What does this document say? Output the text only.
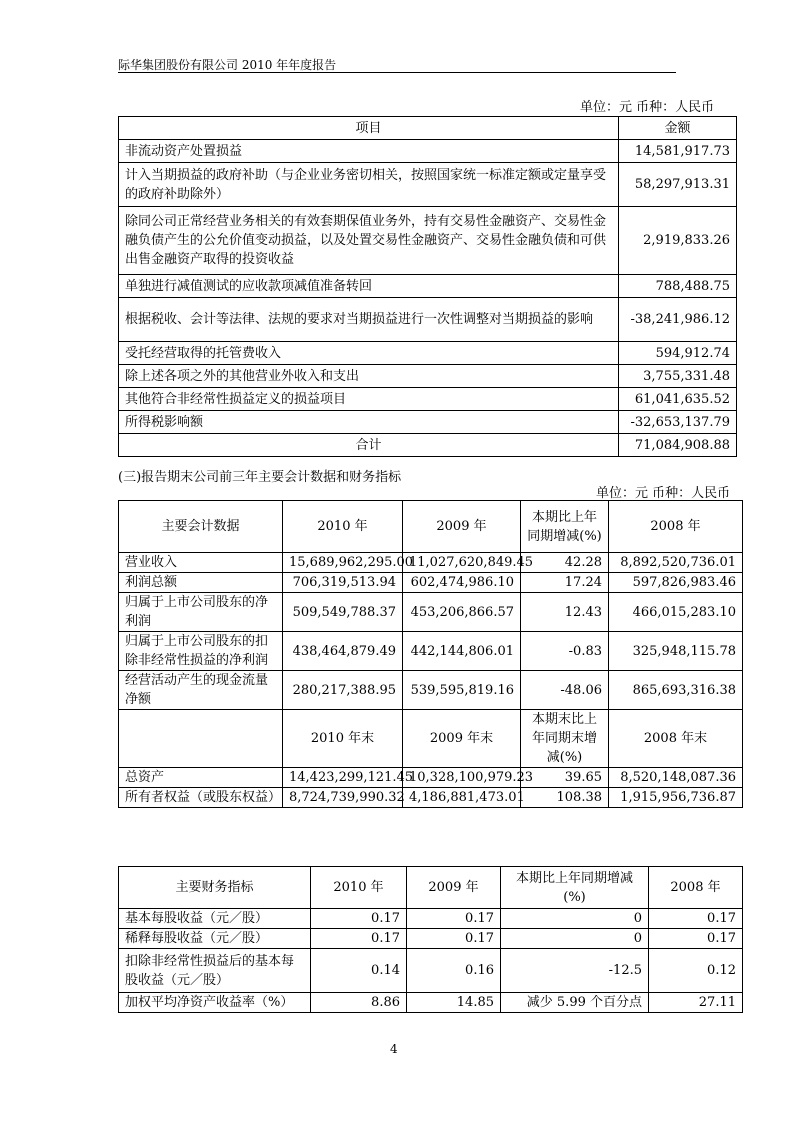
际华集团股份有限公司 2010 年年度报告
单位：元 币种：人民币
项目	金额
非流动资产处置损益	14,581,917.73
计入当期损益的政府补助（与企业业务密切相关，按照国家统一标准定额或定量享受的政府补助除外）	58,297,913.31
除同公司正常经营业务相关的有效套期保值业务外，持有交易性金融资产、交易性金融负债产生的公允价值变动损益，以及处置交易性金融资产、交易性金融负债和可供出售金融资产取得的投资收益	2,919,833.26
单独进行减值测试的应收款项减值准备转回	788,488.75
根据税收、会计等法律、法规的要求对当期损益进行一次性调整对当期损益的影响	-38,241,986.12
受托经营取得的托管费收入	594,912.74
除上述各项之外的其他营业外收入和支出	3,755,331.48
其他符合非经常性损益定义的损益项目	61,041,635.52
所得税影响额	-32,653,137.79
合计	71,084,908.88
(三)报告期末公司前三年主要会计数据和财务指标
单位：元 币种：人民币
主要会计数据	2010 年	2009 年	本期比上年同期增减(%)	2008 年
营业收入	15,689,962,295.00	11,027,620,849.45	42.28	8,892,520,736.01
利润总额	706,319,513.94	602,474,986.10	17.24	597,826,983.46
归属于上市公司股东的净利润	509,549,788.37	453,206,866.57	12.43	466,015,283.10
归属于上市公司股东的扣除非经常性损益的净利润	438,464,879.49	442,144,806.01	-0.83	325,948,115.78
经营活动产生的现金流量净额	280,217,388.95	539,595,819.16	-48.06	865,693,316.38
	2010 年末	2009 年末	本期末比上年同期末增减(%)	2008 年末
总资产	14,423,299,121.45	10,328,100,979.23	39.65	8,520,148,087.36
所有者权益（或股东权益）	8,724,739,990.32	4,186,881,473.01	108.38	1,915,956,736.87
主要财务指标	2010 年	2009 年	本期比上年同期增减(%)	2008 年
基本每股收益（元／股）	0.17	0.17	0	0.17
稀释每股收益（元／股）	0.17	0.17	0	0.17
扣除非经常性损益后的基本每股收益（元／股）	0.14	0.16	-12.5	0.12
加权平均净资产收益率（%）	8.86	14.85	减少 5.99 个百分点	27.11
4
